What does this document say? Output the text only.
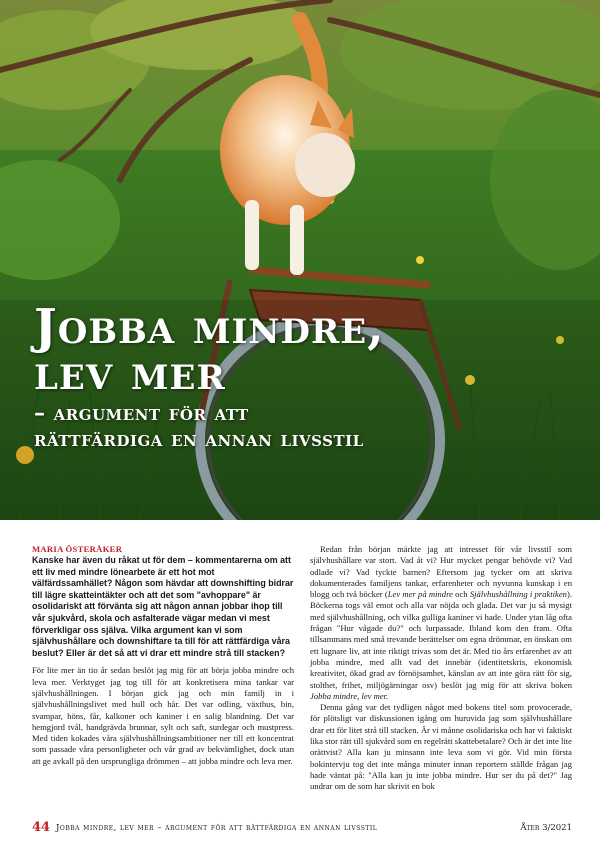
Jobba mindre,
lev mer
– argument för att
rättfärdiga en annan livsstil

MARIA ÖSTERÅKER

Kanske har även du råkat ut för dem – kommentarerna om att ett liv med mindre lönearbete är ett hot mot välfärdssamhället? Någon som hävdar att downshifting bidrar till lägre skatteintäkter och att det som "avhoppare" är osolidariskt att förvänta sig att någon annan jobbar ihop till vår sjukvård, skola och asfalterade vägar medan vi mest förverkligar oss själva. Vilka argument kan vi som självhushållare och downshiftare ta till för att rättfärdiga våra beslut? Eller är det så att vi drar ett mindre strå till stacken?

För lite mer än tio år sedan beslöt jag mig för att börja jobba mindre och leva mer. Verktyget jag tog till för att konkretisera mina tankar var självhushållningen. I början gick jag och min familj in i självhushållningslivet med hull och hår. Det var odling, växthus, bin, svampar, höns, får, kalkoner och kaniner i en salig blandning. Det var hemgjord tvål, handgrävda brunnar, sylt och saft, surdegar och mustpress. Med tiden kokades våra självhushållningsambitioner ner till ett koncentrat som passade våra personligheter och vår grad av bekvämlighet, dock utan att ge avkall på den ursprungliga drömmen – att jobba mindre och leva mer.

Redan från början märkte jag att intresset för vår livsstil som självhushållare var stort. Vad åt vi? Hur mycket pengar behövde vi? Vad odlade vi? Vad tyckte barnen? Eftersom jag tycker om att skriva dokumenterades familjens tankar, erfarenheter och nyvunna kunskap i en blogg och två böcker (Lev mer på mindre och Självhushållning i praktiken). Böckerna togs väl emot och alla var nöjda och glada. Det var ju så mysigt med självhushållning, och vilka gulliga kaniner vi hade. Under ytan låg ofta frågan "Hur vågade du?" och lurpassade. Ibland kom den fram. Ofta tillsammans med små trevande berättelser om egna drömmar, en önskan om ett lugnare liv, att inte riktigt trivas som det är. Med tio års erfarenhet av att jobba mindre, med allt vad det innebär (identitetskris, ekonomisk kreativitet, ökad grad av förnöjsamhet, känslan av att inte göra rätt för sig, stolthet, frihet, miljögärningar osv) beslöt jag mig för att skriva boken Jobba mindre, lev mer.

Denna gång var det tydligen något med bokens titel som provocerade, för plötsligt var diskussionen igång om huruvida jag som självhushållare drar ett för litet strå till stacken. Är vi månne osolidariska och har vi faktiskt lika stor rätt till sjukvård som en regelrätt skattebetalare? Och är det inte lite orättvist? Alla kan ju minsann inte leva som vi gör. Vid min första bokintervju tog det inte många minuter innan reportern ställde frågan jag hade väntat på: "Alla kan ju inte jobba mindre. Hur ser du på det?" Jag undrar om de som har skrivit en bok

44 Jobba mindre, lev mer – argument för att rättfärdiga en annan livsstil	Åter 3/2021
